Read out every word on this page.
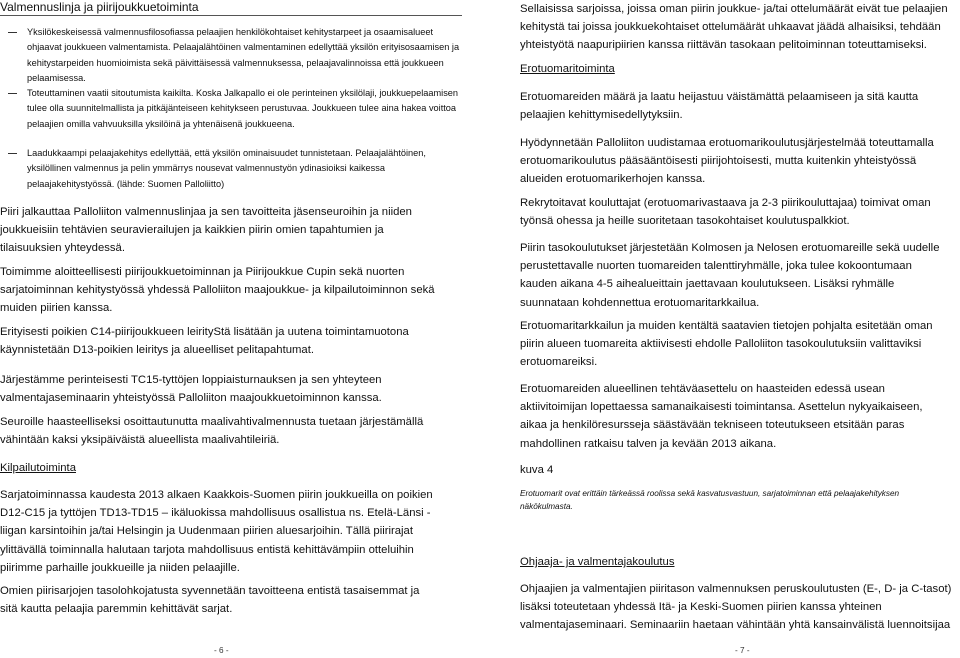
Valmennuslinja ja piirijoukkuetoiminta
Yksilökeskeisessä valmennusfilosofiassa pelaajien henkilökohtaiset kehitystarpeet ja osaamisalueet ohjaavat joukkueen valmentamista. Pelaajalähtöinen valmentaminen edellyttää yksilön erityisosaamisen ja kehitystarpeiden huomioimista sekä päivittäisessä valmennuksessa, pelaajavalinnoissa että joukkueen pelaamisessa.
Toteuttaminen vaatii sitoutumista kaikilta. Koska Jalkapallo ei ole perinteinen yksilölaji, joukkuepelaamisen tulee olla suunnitelmallista ja pitkäjänteiseen kehitykseen perustuvaa. Joukkueen tulee aina hakea voittoa pelaajien omilla vahvuuksilla yksilöinä ja yhtenäisenä joukkueena.
Laadukkaampi pelaajakehitys edellyttää, että yksilön ominaisuudet tunnistetaan. Pelaajalähtöinen, yksilöllinen valmennus ja pelin ymmärrys nousevat valmennustyön ydinasioiksi kaikessa pelaajakehitystyössä. (lähde: Suomen Palloliitto)

Piiri jalkauttaa Palloliiton valmennuslinjaa ja sen tavoitteita jäsenseuroihin ja niiden joukkueisiin tehtävien seuravierailujen ja kaikkien piirin omien tapahtumien ja tilaisuuksien yhteydessä.

Toimimme aloitteellisesti piirijoukkuetoiminnan ja Piirijoukkue Cupin sekä nuorten sarjatoiminnan kehitystyössä yhdessä Palloliiton maajoukkue- ja kilpailutoiminnon sekä muiden piirien kanssa.

Erityisesti poikien C14-piirijoukkueen leirityStä lisätään ja uutena toimintamuotona käynnistetään D13-poikien leiritys ja alueelliset pelitapahtumat.

Järjestämme perinteisesti TC15-tyttöjen loppiaisturnauksen ja sen yhteyteen valmentajaseminaarin yhteistyössä Palloliiton maajoukkuetoiminnon kanssa.

Seuroille haasteelliseksi osoittautunutta maalivahtivalmennusta tuetaan järjestämällä vähintään kaksi yksipäiväistä alueellista maalivahtileiriä.

Kilpailutoiminta

Sarjatoiminnassa kaudesta 2013 alkaen Kaakkois-Suomen piirin joukkueilla on poikien D12-C15 ja tyttöjen TD13-TD15 – ikäluokissa mahdollisuus osallistua ns. Etelä-Länsi -liigan karsintoihin ja/tai Helsingin ja Uudenmaan piirien aluesarjoihin. Tällä piirirajat ylittävällä toiminnalla halutaan tarjota mahdollisuus entistä kehittävämpiin otteluihin piirimme parhaille joukkueille ja niiden pelaajille.

Omien piirisarjojen tasolohkojatusta syvennetään tavoitteena entistä tasaisemmat ja sitä kautta pelaajia paremmin kehittävät sarjat.

- 6 -

Sellaisissa sarjoissa, joissa oman piirin joukkue- ja/tai ottelumäärät eivät tue pelaajien kehitystä tai joissa joukkuekohtaiset ottelumäärät uhkaavat jäädä alhaisiksi, tehdään yhteistyötä naapuripiirien kanssa riittävän tasokaan pelitoiminnan toteuttamiseksi.

Erotuomaritoiminta

Erotuomareiden määrä ja laatu heijastuu väistämättä pelaamiseen ja sitä kautta pelaajien kehittymisedellytyksiin.

Hyödynnetään Palloliiton uudistamaa erotuomarikoulutusjärjestelmää toteuttamalla erotuomarikoulutus pääsääntöisesti piirijohtoisesti, mutta kuitenkin yhteistyössä alueiden erotuomarikerhojen kanssa.

Rekrytoitavat kouluttajat (erotuomarivastaava ja 2-3 piirikouluttajaa) toimivat oman työnsä ohessa ja heille suoritetaan tasokohtaiset koulutuspalkkiot.

Piirin tasokoulutukset järjestetään Kolmosen ja Nelosen erotuomareille sekä uudelle perustettavalle nuorten tuomareiden talenttiryhmälle, joka tulee kokoontumaan kauden aikana 4-5 aihealueittain jaettavaan koulutukseen. Lisäksi ryhmälle suunnataan kohdennettua erotuomaritarkkailua.

Erotuomaritarkkailun ja muiden kentältä saatavien tietojen pohjalta esitetään oman piirin alueen tuomareita aktiivisesti ehdolle Palloliiton tasokoulutuksiin valittaviksi erotuomareiksi.

Erotuomareiden alueellinen tehtäväasettelu on haasteiden edessä usean aktiivitoimijan lopettaessa samanaikaisesti toimintansa. Asettelun nykyaikaiseen, aikaa ja henkilöresursseja säästävään tekniseen toteutukseen etsitään paras mahdollinen ratkaisu talven ja kevään 2013 aikana.

kuva 4

Erotuomarit ovat erittäin tärkeässä roolissa sekä kasvatusvastuun, sarjatoiminnan että pelaajakehityksen näkökulmasta.

Ohjaaja- ja valmentajakoulutus

Ohjaajien ja valmentajien piiritason valmennuksen peruskoulutusten (E-, D- ja C-tasot) lisäksi toteutetaan yhdessä Itä- ja Keski-Suomen piirien kanssa yhteinen valmentajaseminaari. Seminaariin haetaan vähintään yhtä kansainvälistä luennoitsijaa

- 7 -
